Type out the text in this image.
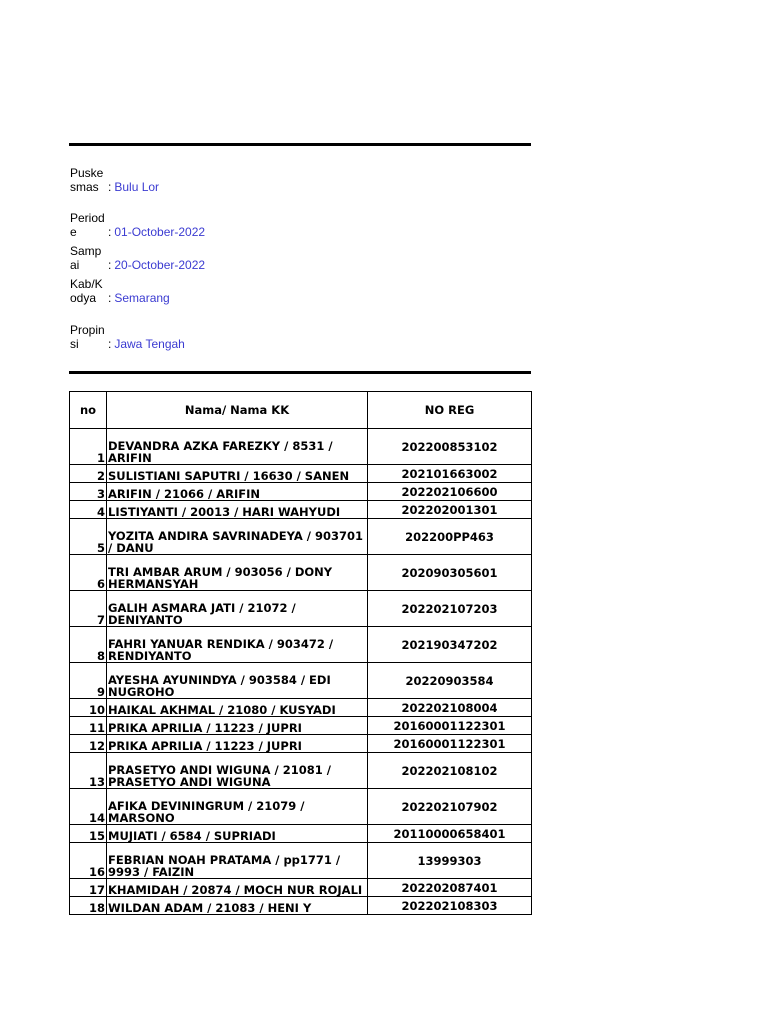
Puskesmas : Bulu Lor
Periode	: 01-October-2022
Sampai	: 20-October-2022
Kab/Kodya : Semarang
Propinsi	: Jawa Tengah
no	Nama/ Nama KK	NO REG
1	DEVANDRA AZKA FAREZKY / 8531 / ARIFIN	202200853102
2	SULISTIANI SAPUTRI / 16630 / SANEN	202101663002
3	ARIFIN / 21066 / ARIFIN	202202106600
4	LISTIYANTI / 20013 / HARI WAHYUDI	202202001301
5	YOZITA ANDIRA SAVRINADEYA / 903701 / DANU	202200PP463
6	TRI AMBAR ARUM / 903056 / DONY HERMANSYAH	202090305601
7	GALIH ASMARA JATI / 21072 / DENIYANTO	202202107203
8	FAHRI YANUAR RENDIKA / 903472 / RENDIYANTO	202190347202
9	AYESHA AYUNINDYA / 903584 / EDI NUGROHO	20220903584
10	HAIKAL AKHMAL / 21080 / KUSYADI	202202108004
11	PRIKA APRILIA / 11223 / JUPRI	20160001122301
12	PRIKA APRILIA / 11223 / JUPRI	20160001122301
13	PRASETYO ANDI WIGUNA / 21081 / PRASETYO ANDI WIGUNA	202202108102
14	AFIKA DEVININGRUM / 21079 / MARSONO	202202107902
15	MUJIATI / 6584 / SUPRIADI	20110000658401
16	FEBRIAN NOAH PRATAMA / pp1771 / 9993 / FAIZIN	13999303
17	KHAMIDAH / 20874 / MOCH NUR ROJALI	202202087401
18	WILDAN ADAM / 21083 / HENI Y	202202108303
